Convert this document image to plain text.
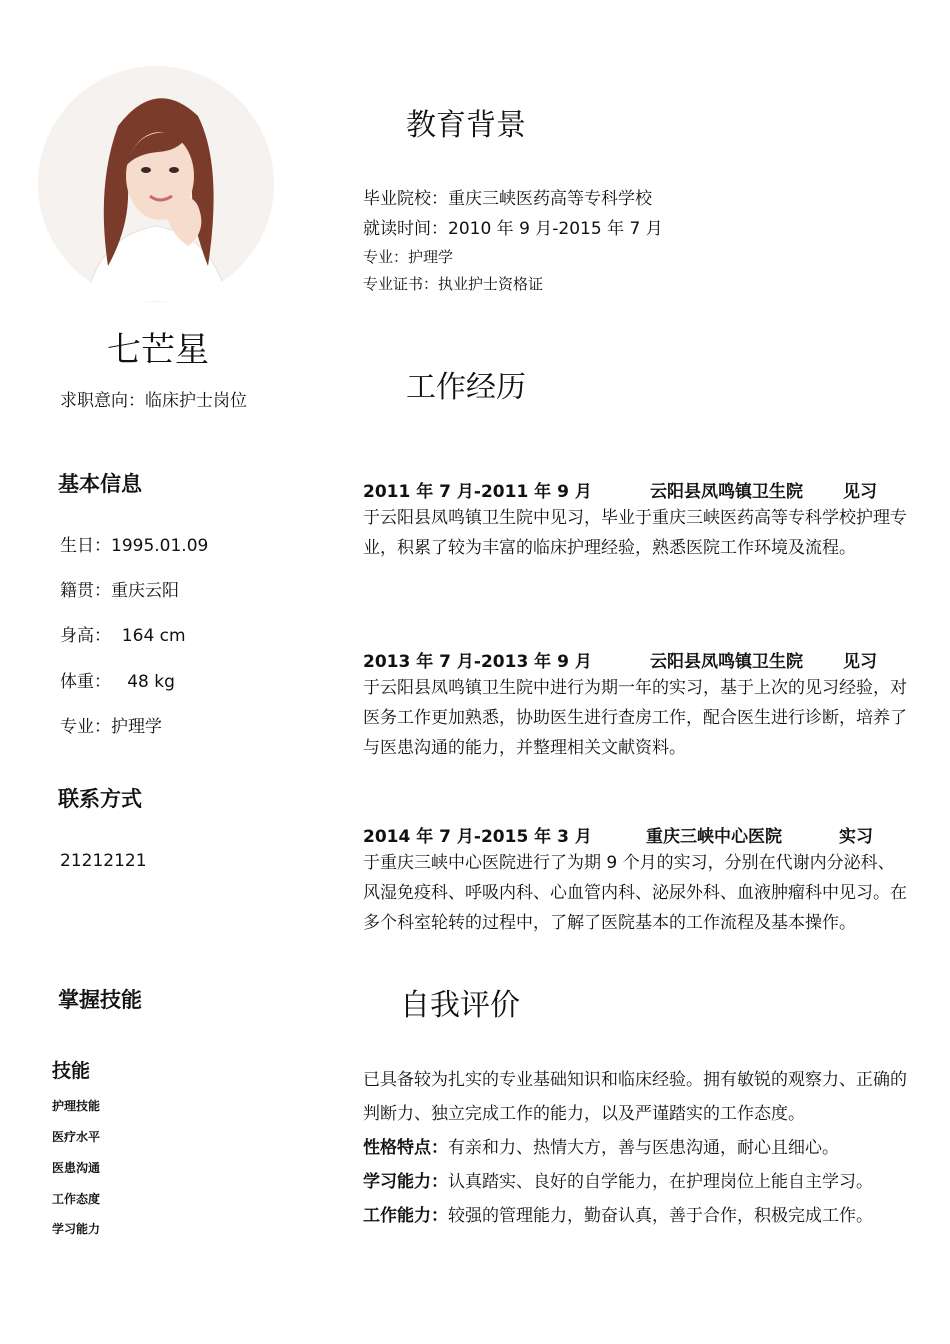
七芒星
求职意向：临床护士岗位
基本信息
生日：1995.01.09
籍贯：重庆云阳
身高：  164 cm
体重：   48 kg
专业：护理学
联系方式
21212121
掌握技能
技能
护理技能
医疗水平
医患沟通
工作态度
学习能力
教育背景
毕业院校：重庆三峡医药高等专科学校
就读时间：2010 年 9 月-2015 年 7 月
专业：护理学
专业证书：执业护士资格证
工作经历
2011 年 7 月-2011 年 9 月	云阳县凤鸣镇卫生院 见习
于云阳县凤鸣镇卫生院中见习，毕业于重庆三峡医药高等专科学校护理专业，积累了较为丰富的临床护理经验，熟悉医院工作环境及流程。
2013 年 7 月-2013 年 9 月	云阳县凤鸣镇卫生院 见习
于云阳县凤鸣镇卫生院中进行为期一年的实习，基于上次的见习经验，对医务工作更加熟悉，协助医生进行查房工作，配合医生进行诊断，培养了与医患沟通的能力，并整理相关文献资料。
2014 年 7 月-2015 年 3 月	重庆三峡中心医院	实习
于重庆三峡中心医院进行了为期 9 个月的实习，分别在代谢内分泌科、风湿免疫科、呼吸内科、心血管内科、泌尿外科、血液肿瘤科中见习。在多个科室轮转的过程中，了解了医院基本的工作流程及基本操作。
自我评价
已具备较为扎实的专业基础知识和临床经验。拥有敏锐的观察力、正确的判断力、独立完成工作的能力，以及严谨踏实的工作态度。
性格特点：有亲和力、热情大方，善与医患沟通，耐心且细心。
学习能力：认真踏实、良好的自学能力，在护理岗位上能自主学习。
工作能力：较强的管理能力，勤奋认真，善于合作，积极完成工作。
